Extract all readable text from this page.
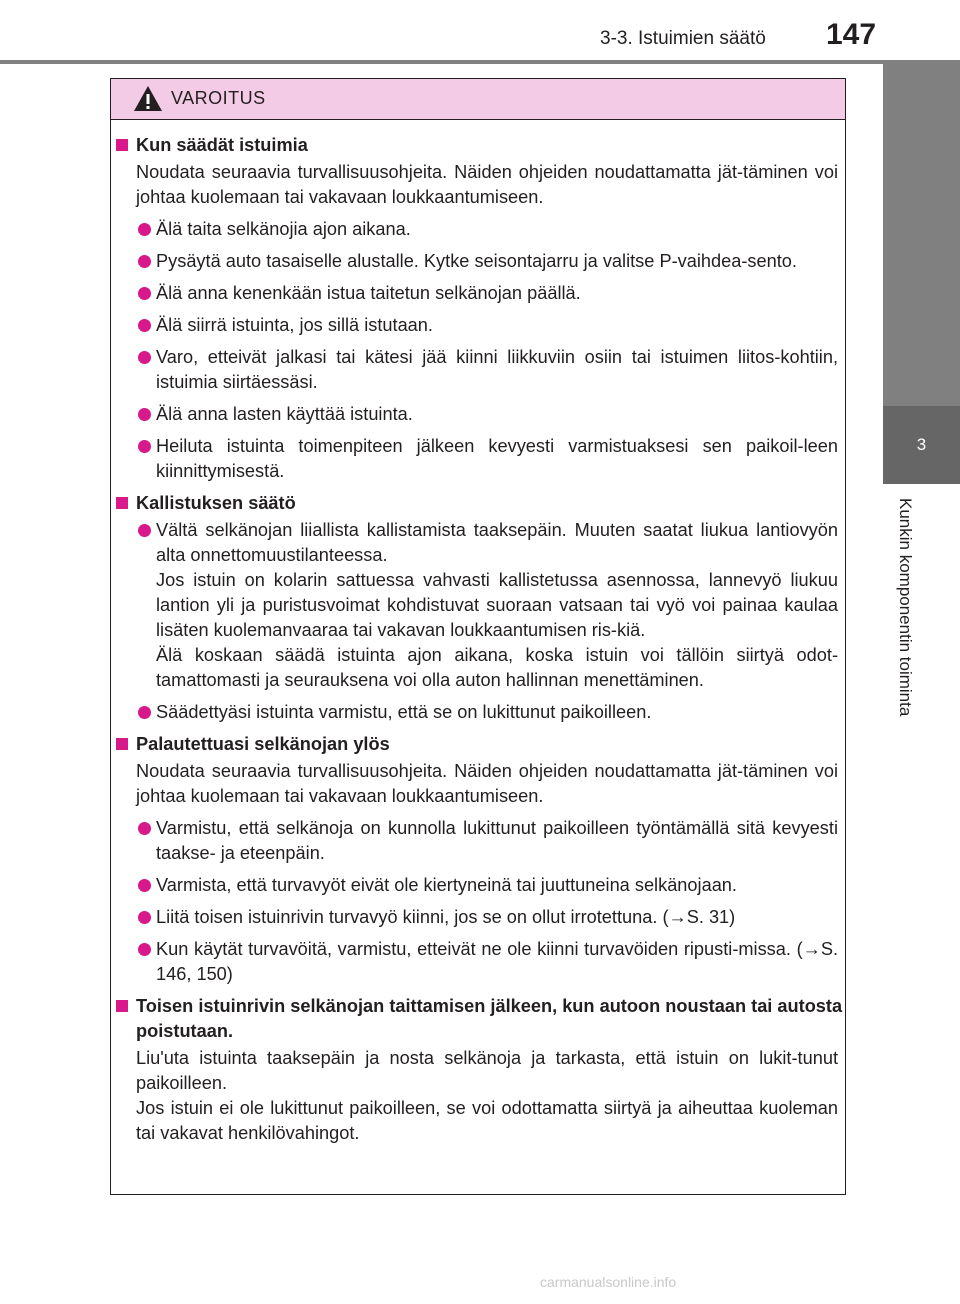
3-3. Istuimien säätö 147
3
Kunkin komponentin toiminta
VAROITUS
Kun säädät istuimia
Noudata seuraavia turvallisuusohjeita. Näiden ohjeiden noudattamatta jät-täminen voi johtaa kuolemaan tai vakavaan loukkaantumiseen.
Älä taita selkänojia ajon aikana.
Pysäytä auto tasaiselle alustalle. Kytke seisontajarru ja valitse P-vaihdea-sento.
Älä anna kenenkään istua taitetun selkänojan päällä.
Älä siirrä istuinta, jos sillä istutaan.
Varo, etteivät jalkasi tai kätesi jää kiinni liikkuviin osiin tai istuimen liitos-kohtiin, istuimia siirtäessäsi.
Älä anna lasten käyttää istuinta.
Heiluta istuinta toimenpiteen jälkeen kevyesti varmistuaksesi sen paikoil-leen kiinnittymisestä.
Kallistuksen säätö
Vältä selkänojan liiallista kallistamista taaksepäin. Muuten saatat liukua lantiovyön alta onnettomuustilanteessa.
Jos istuin on kolarin sattuessa vahvasti kallistetussa asennossa, lannevyö liukuu lantion yli ja puristusvoimat kohdistuvat suoraan vatsaan tai vyö voi painaa kaulaa lisäten kuolemanvaaraa tai vakavan loukkaantumisen ris-kiä.
Älä koskaan säädä istuinta ajon aikana, koska istuin voi tällöin siirtyä odot-tamattomasti ja seurauksena voi olla auton hallinnan menettäminen.
Säädettyäsi istuinta varmistu, että se on lukittunut paikoilleen.
Palautettuasi selkänojan ylös
Noudata seuraavia turvallisuusohjeita. Näiden ohjeiden noudattamatta jät-täminen voi johtaa kuolemaan tai vakavaan loukkaantumiseen.
Varmistu, että selkänoja on kunnolla lukittunut paikoilleen työntämällä sitä kevyesti taakse- ja eteenpäin.
Varmista, että turvavyöt eivät ole kiertyneinä tai juuttuneina selkänojaan.
Liitä toisen istuinrivin turvavyö kiinni, jos se on ollut irrotettuna. (→S. 31)
Kun käytät turvavöitä, varmistu, etteivät ne ole kiinni turvavöiden ripusti-missa. (→S. 146, 150)
Toisen istuinrivin selkänojan taittamisen jälkeen, kun autoon noustaan tai autosta poistutaan.
Liu'uta istuinta taaksepäin ja nosta selkänoja ja tarkasta, että istuin on lukit-tunut paikoilleen.
Jos istuin ei ole lukittunut paikoilleen, se voi odottamatta siirtyä ja aiheuttaa kuoleman tai vakavat henkilövahingot.
carmanualsonline.info
